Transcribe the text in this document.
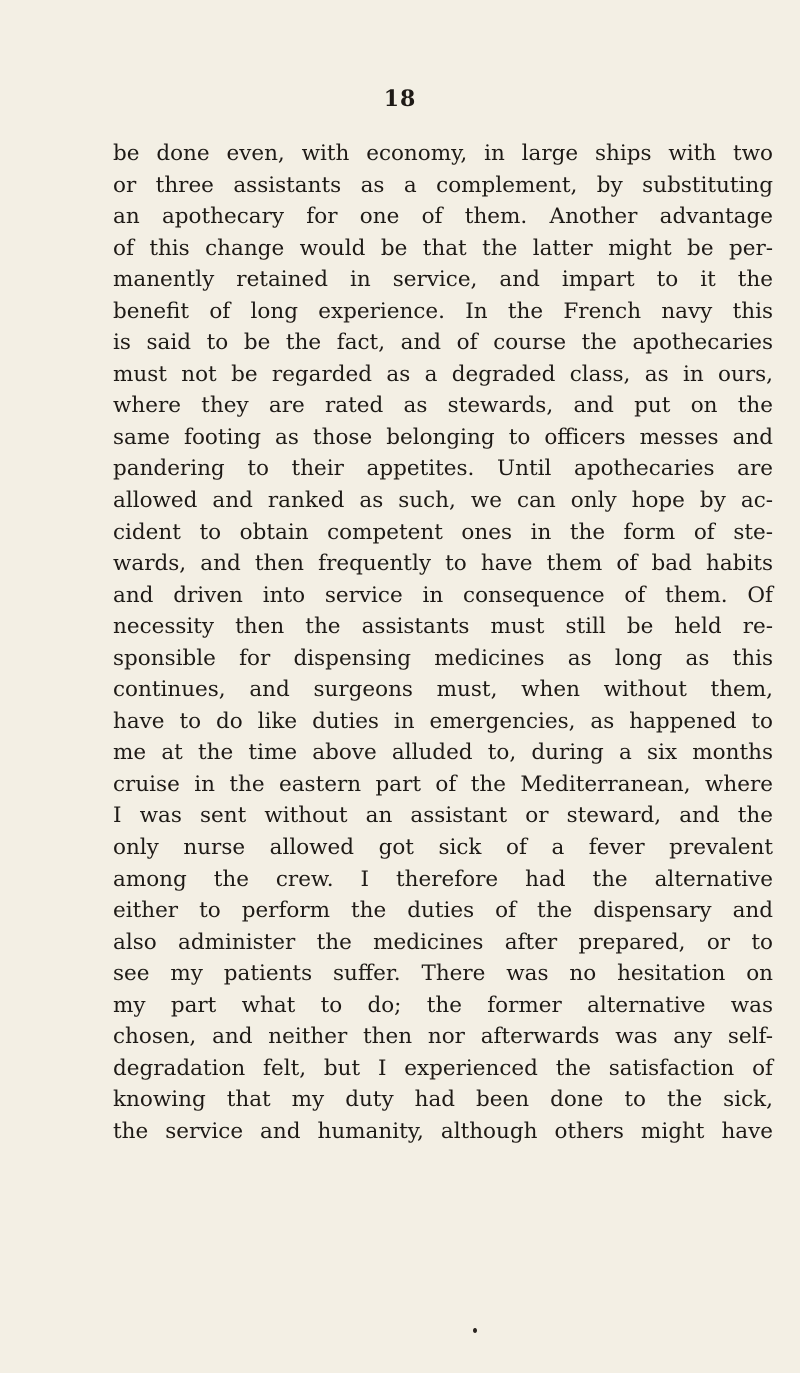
18
be done even, with economy, in large ships with two
or three assistants as a complement, by substituting
an apothecary for one of them. Another advantage
of this change would be that the latter might be per-
manently retained in service, and impart to it the
benefit of long experience. In the French navy this
is said to be the fact, and of course the apothecaries
must not be regarded as a degraded class, as in ours,
where they are rated as stewards, and put on the
same footing as those belonging to officers messes and
pandering to their appetites. Until apothecaries are
allowed and ranked as such, we can only hope by ac-
cident to obtain competent ones in the form of ste-
wards, and then frequently to have them of bad habits
and driven into service in consequence of them. Of
necessity then the assistants must still be held re-
sponsible for dispensing medicines as long as this
continues, and surgeons must, when without them,
have to do like duties in emergencies, as happened to
me at the time above alluded to, during a six months
cruise in the eastern part of the Mediterranean, where
I was sent without an assistant or steward, and the
only nurse allowed got sick of a fever prevalent
among the crew. I therefore had the alternative
either to perform the duties of the dispensary and
also administer the medicines after prepared, or to
see my patients suffer. There was no hesitation on
my part what to do; the former alternative was
chosen, and neither then nor afterwards was any self-
degradation felt, but I experienced the satisfaction of
knowing that my duty had been done to the sick,
the service and humanity, although others might have
